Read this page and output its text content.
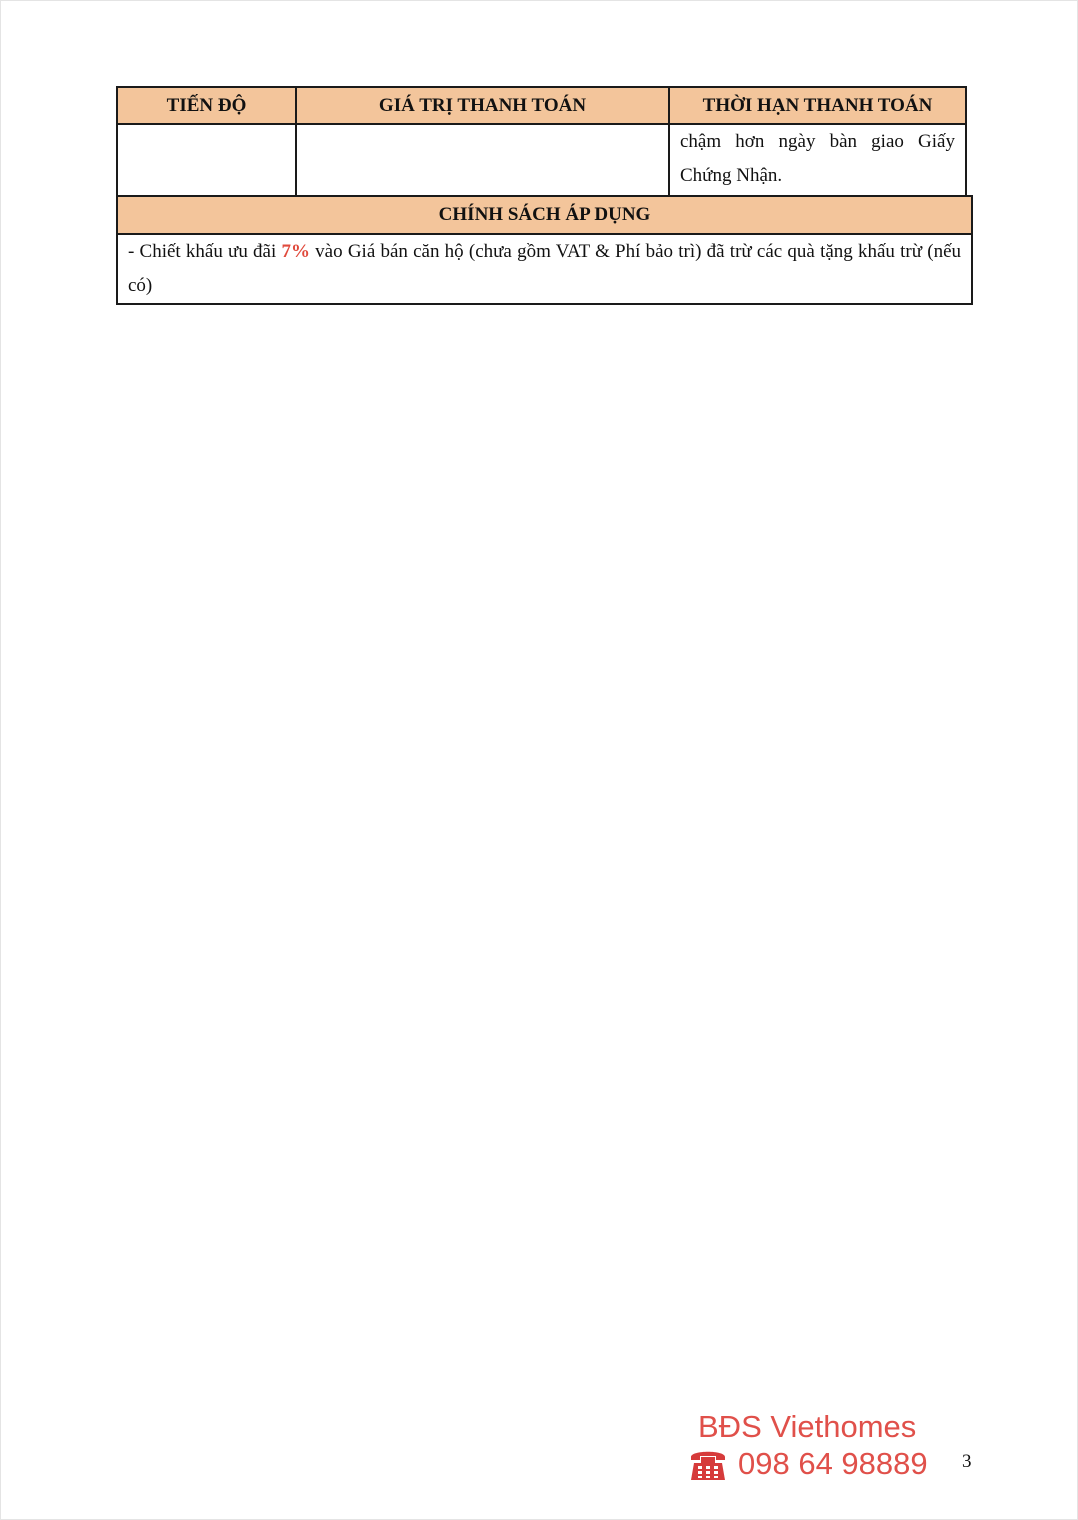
TIẾN ĐỘ	GIÁ TRỊ THANH TOÁN	THỜI HẠN THANH TOÁN

		chậm hơn ngày bàn giao Giấy Chứng Nhận.
CHÍNH SÁCH ÁP DỤNG
- Chiết khấu ưu đãi 7% vào Giá bán căn hộ (chưa gồm VAT & Phí bảo trì) đã trừ các quà tặng khấu trừ (nếu có)
BĐS Viethomes
098 64 98889 3
